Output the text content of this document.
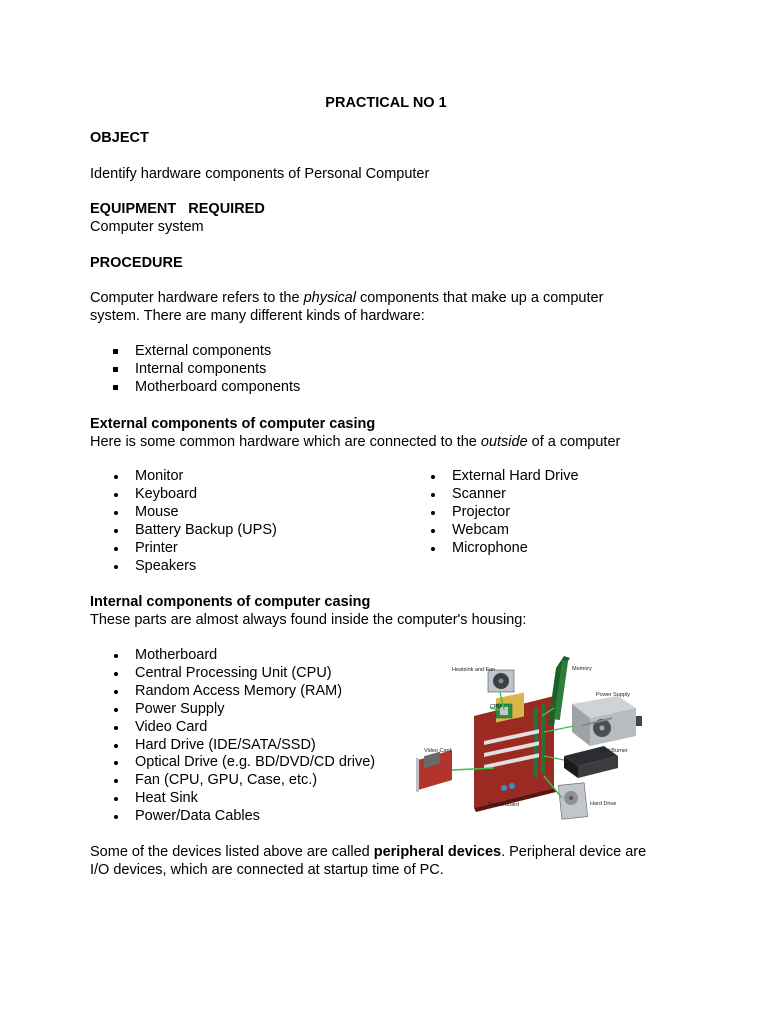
PRACTICAL NO 1
OBJECT
Identify hardware components of Personal Computer
EQUIPMENT   REQUIRED
Computer system
PROCEDURE
Computer hardware refers to the physical components that make up a computer
system. There are many different kinds of hardware:
External components
Internal components
Motherboard components
External components of computer casing
Here is some common hardware which are connected to the outside of a computer
Monitor
Keyboard
Mouse
Battery Backup (UPS)
Printer
Speakers
External Hard Drive
Scanner
Projector
Webcam
Microphone
Internal components of computer casing
These parts are almost always found inside the computer's housing:
Motherboard
Central Processing Unit (CPU)
Random Access Memory (RAM)
Power Supply
Video Card
Hard Drive (IDE/SATA/SSD)
Optical Drive (e.g. BD/DVD/CD drive)
Fan (CPU, GPU, Case, etc.)
Heat Sink
Power/Data Cables
Heatsink and Fan	Memory
Power Supply
CPU
Video Card	Dvd Burner
Motherboard	Hard Drive
Some of the devices listed above are called peripheral devices. Peripheral device are
I/O devices, which are connected at startup time of PC.
